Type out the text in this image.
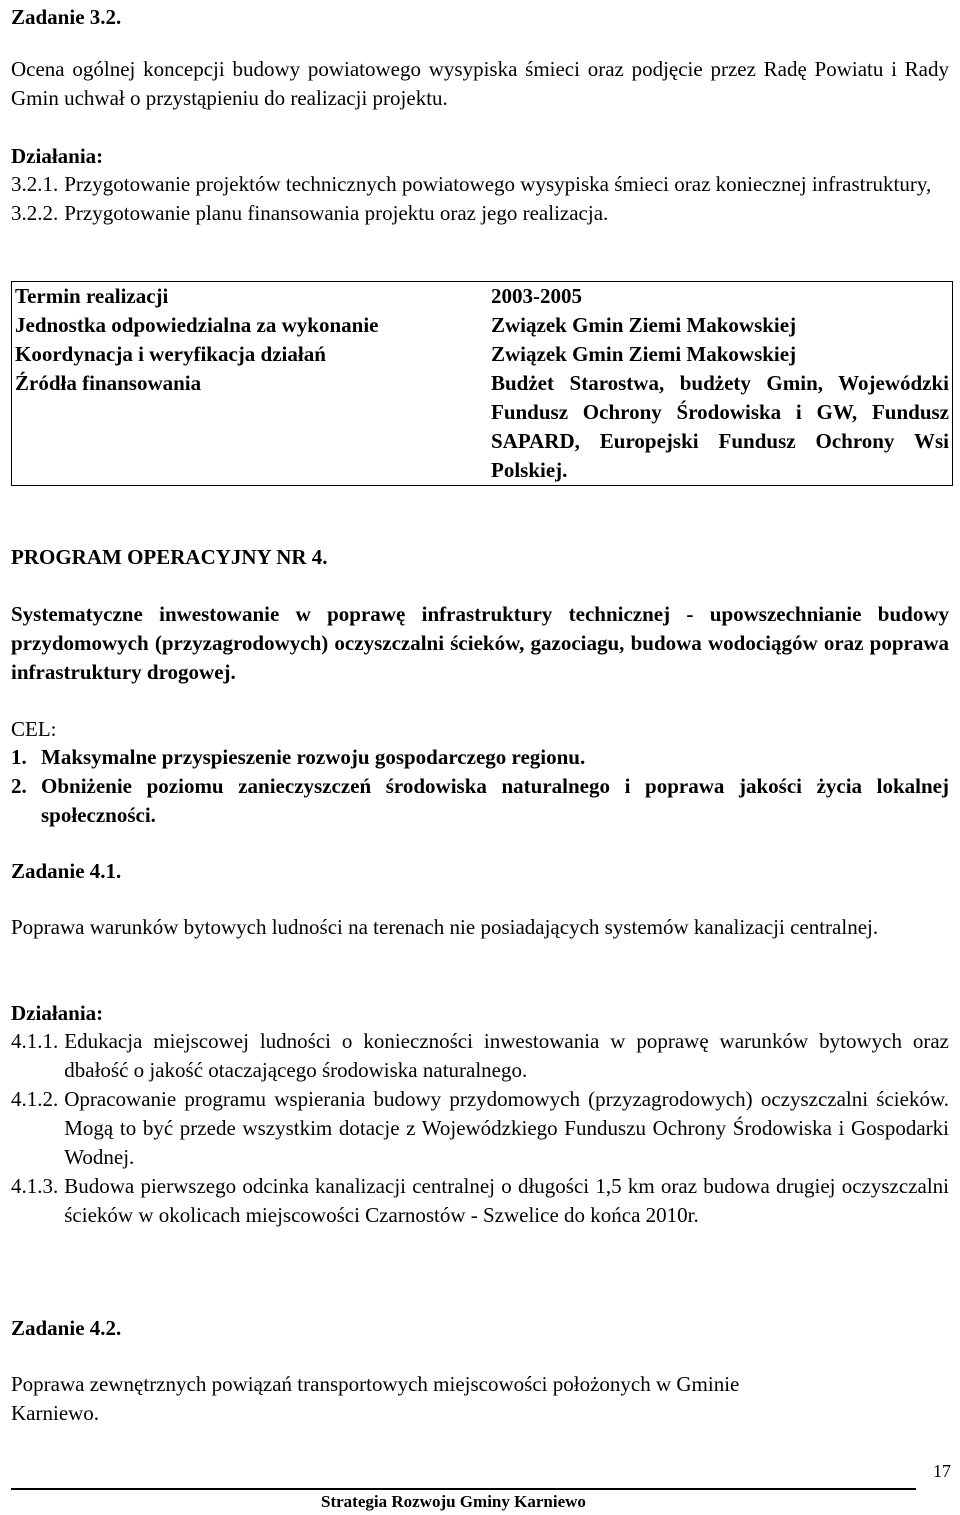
Zadanie 3.2.
Ocena ogólnej koncepcji budowy powiatowego wysypiska śmieci oraz podjęcie przez Radę Powiatu i Rady Gmin uchwał o przystąpieniu do realizacji projektu.
Działania:
3.2.1. Przygotowanie projektów technicznych powiatowego wysypiska śmieci oraz koniecznej infrastruktury,
3.2.2. Przygotowanie planu finansowania projektu oraz jego realizacja.
Termin realizacji	2003-2005
Jednostka odpowiedzialna za wykonanie	Związek Gmin Ziemi Makowskiej
Koordynacja i weryfikacja działań	Związek Gmin Ziemi Makowskiej
Źródła finansowania	Budżet Starostwa, budżety Gmin, Wojewódzki Fundusz Ochrony Środowiska i GW, Fundusz SAPARD, Europejski Fundusz Ochrony Wsi Polskiej.
PROGRAM OPERACYJNY NR 4.
Systematyczne inwestowanie w poprawę infrastruktury technicznej - upowszechnianie budowy przydomowych (przyzagrodowych) oczyszczalni ścieków, gazociagu, budowa wodociągów oraz poprawa infrastruktury drogowej.
CEL:
1. Maksymalne przyspieszenie rozwoju gospodarczego regionu.
2. Obniżenie poziomu zanieczyszczeń środowiska naturalnego i poprawa jakości życia lokalnej społeczności.
Zadanie 4.1.
Poprawa warunków bytowych ludności na terenach nie posiadających systemów kanalizacji centralnej.
Działania:
4.1.1. Edukacja miejscowej ludności o konieczności inwestowania w poprawę warunków bytowych oraz dbałość o jakość otaczającego środowiska naturalnego.
4.1.2. Opracowanie programu wspierania budowy przydomowych (przyzagrodowych) oczyszczalni ścieków. Mogą to być przede wszystkim dotacje z Wojewódzkiego Funduszu Ochrony Środowiska i Gospodarki Wodnej.
4.1.3. Budowa pierwszego odcinka kanalizacji centralnej o długości 1,5 km oraz budowa drugiej oczyszczalni ścieków w okolicach miejscowości Czarnostów - Szwelice do końca 2010r.
Zadanie 4.2.
Poprawa zewnętrznych powiązań transportowych miejscowości położonych w Gminie Karniewo.
17
Strategia Rozwoju Gminy Karniewo
